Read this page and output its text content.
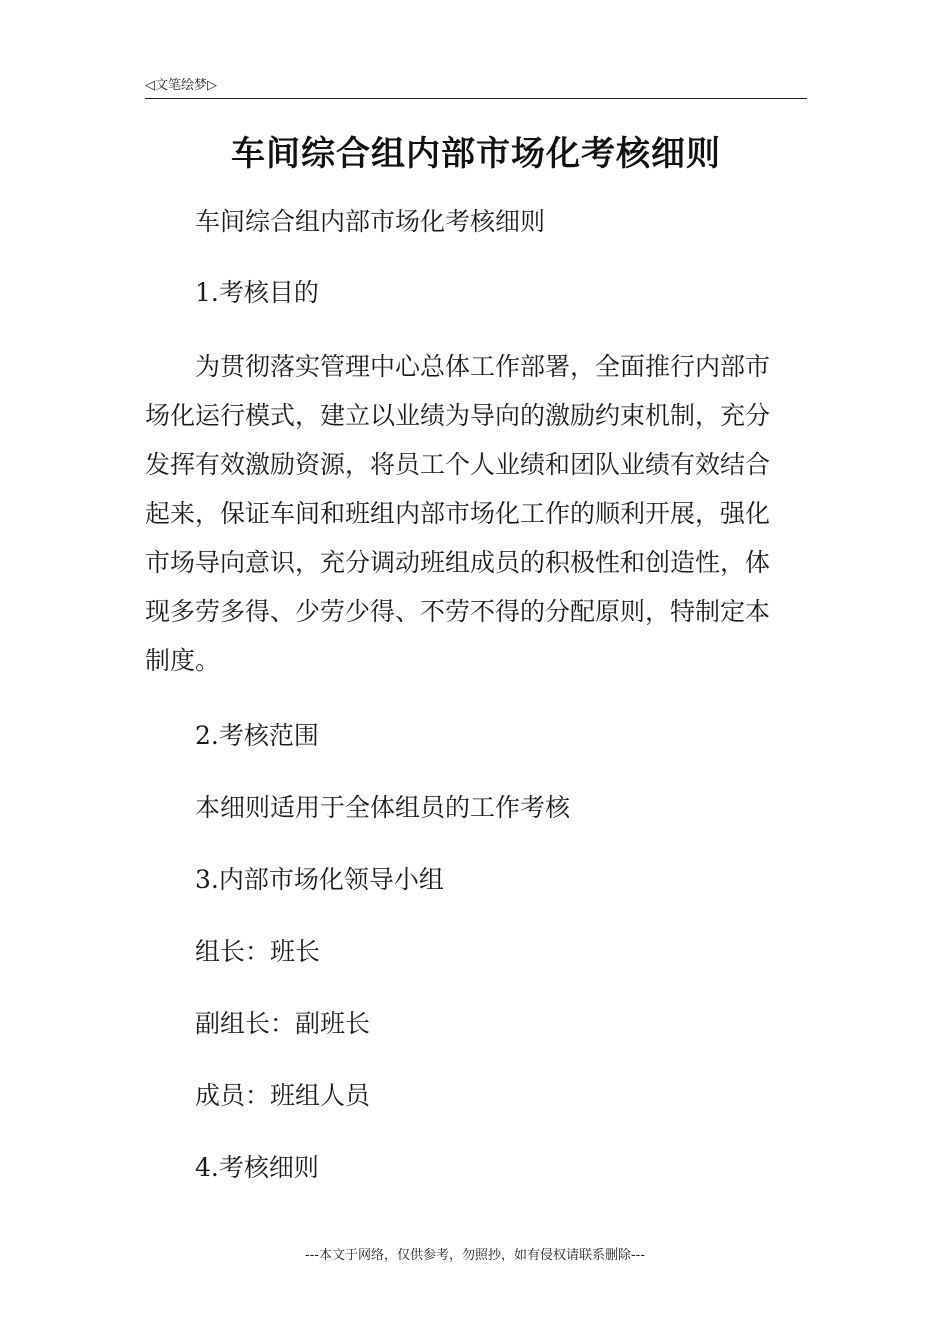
◁文笔绘梦▷
车间综合组内部市场化考核细则
车间综合组内部市场化考核细则
1.考核目的
　为贯彻落实管理中心总体工作部署，全面推行内部市
场化运行模式，建立以业绩为导向的激励约束机制，充分
发挥有效激励资源，将员工个人业绩和团队业绩有效结合
起来，保证车间和班组内部市场化工作的顺利开展，强化
市场导向意识，充分调动班组成员的积极性和创造性，体
现多劳多得、少劳少得、不劳不得的分配原则，特制定本
制度。
2.考核范围
本细则适用于全体组员的工作考核
3.内部市场化领导小组
组长：班长
副组长：副班长
成员：班组人员
4.考核细则
---本文于网络，仅供参考，勿照抄，如有侵权请联系删除---
